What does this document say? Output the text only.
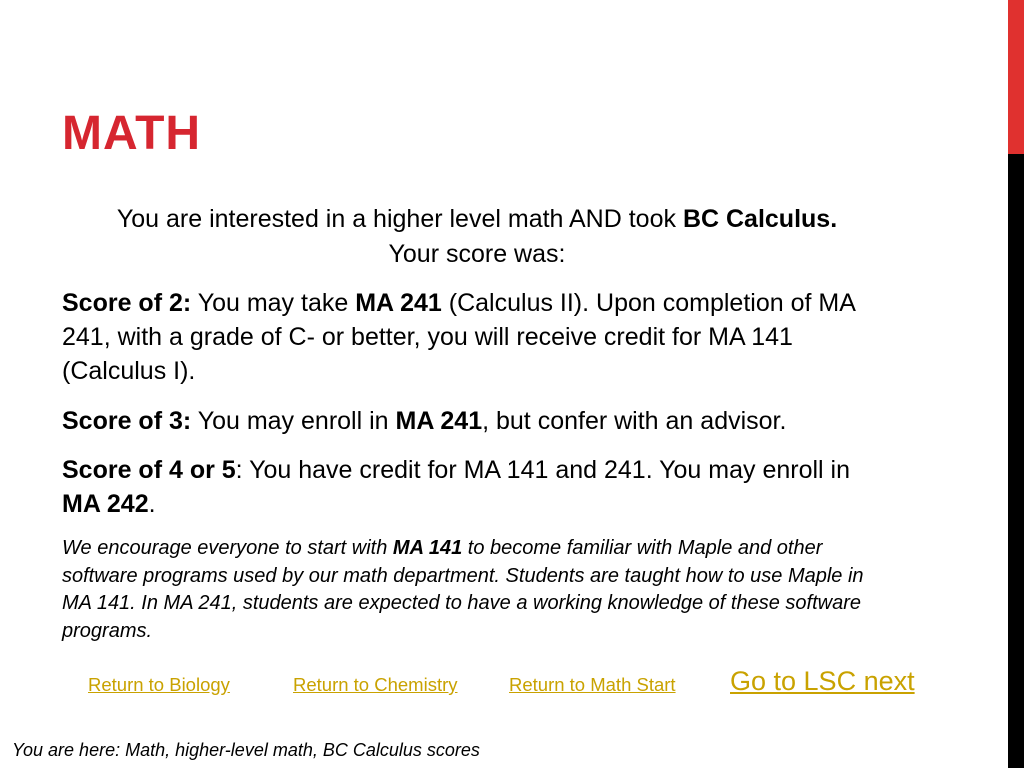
MATH
You are interested in a higher level math AND took BC Calculus.
Your score was:
Score of 2: You may take MA 241 (Calculus II). Upon completion of MA 241, with a grade of C- or better, you will receive credit for MA 141 (Calculus I).
Score of 3: You may enroll in MA 241, but confer with an advisor.
Score of 4 or 5: You have credit for MA 141 and 241. You may enroll in MA 242.
We encourage everyone to start with MA 141 to become familiar with Maple and other software programs used by our math department. Students are taught how to use Maple in MA 141. In MA 241, students are expected to have a working knowledge of these software programs.
Return to Biology	Return to Chemistry	Return to Math Start Go to LSC next
You are here: Math, higher-level math, BC Calculus scores
